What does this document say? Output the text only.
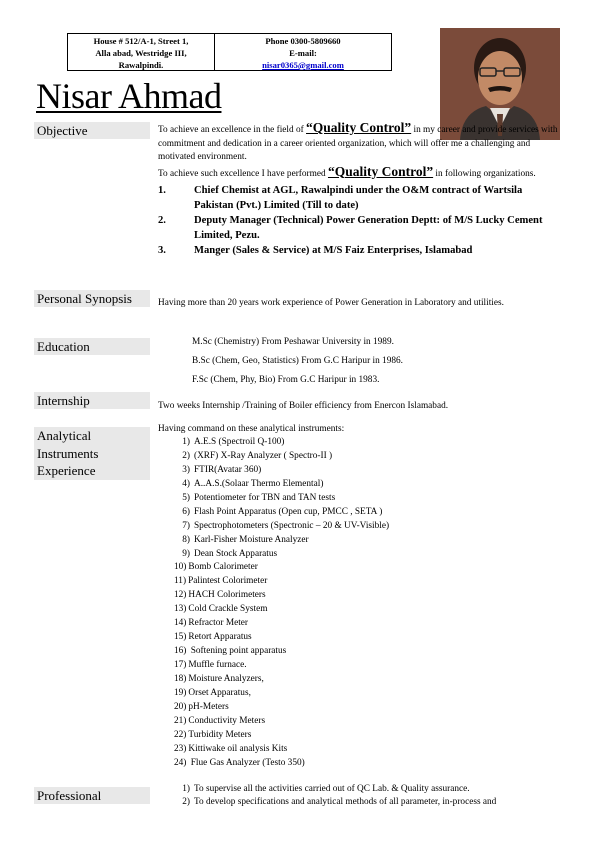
House # 512/A-1, Street 1,
Alla abad, Westridge III,
Rawalpindi.
Phone 0300-5809660
E-mail:
nisar0365@gmail.com
Nisar Ahmad
Objective	To achieve an excellence in the field of “Quality Control” in my career and provide services with commitment and dedication in a career oriented organization, which will offer me a challenging and motivated environment.
To achieve such excellence I have performed “Quality Control” in following organizations.
1.	Chief Chemist at AGL, Rawalpindi under the O&M contract of Wartsila Pakistan (Pvt.) Limited (Till to date)
2.	Deputy Manager (Technical) Power Generation Deptt: of M/S Lucky Cement Limited, Pezu.
3.	Manger (Sales & Service) at M/S Faiz Enterprises, Islamabad
Personal Synopsis	Having more than 20 years work experience of Power Generation in Laboratory and utilities.
Education	M.Sc (Chemistry) From Peshawar University in 1989.
B.Sc (Chem, Geo, Statistics) From G.C Haripur in 1986.
F.Sc (Chem, Phy, Bio) From G.C Haripur in 1983.
Internship	Two weeks Internship /Training of Boiler efficiency from Enercon Islamabad.
Analytical
Instruments
Experience
Having command on these analytical instruments:
1) A.E.S (Spectroil Q-100)
2) (XRF) X-Ray Analyzer ( Spectro-II )
3) FTIR(Avatar 360)
4) A..A.S.(Solaar Thermo Elemental)
5) Potentiometer for TBN and TAN tests
6) Flash Point Apparatus (Open cup, PMCC , SETA )
7) Spectrophotometers (Spectronic – 20 & UV-Visible)
8) Karl-Fisher Moisture Analyzer
9) Dean Stock Apparatus
10) Bomb Calorimeter
11) Palintest Colorimeter
12) HACH Colorimeters
13) Cold Crackle System
14) Refractor Meter
15) Retort Apparatus
16) Softening point apparatus
17) Muffle furnace.
18) Moisture Analyzers,
19) Orset Apparatus,
20) pH-Meters
21) Conductivity Meters
22) Turbidity Meters
23) Kittiwake oil analysis Kits
24) Flue Gas Analyzer (Testo 350)
Professional	1) To supervise all the activities carried out of QC Lab. & Quality assurance.
2) To develop specifications and analytical methods of all parameter, in-process and
